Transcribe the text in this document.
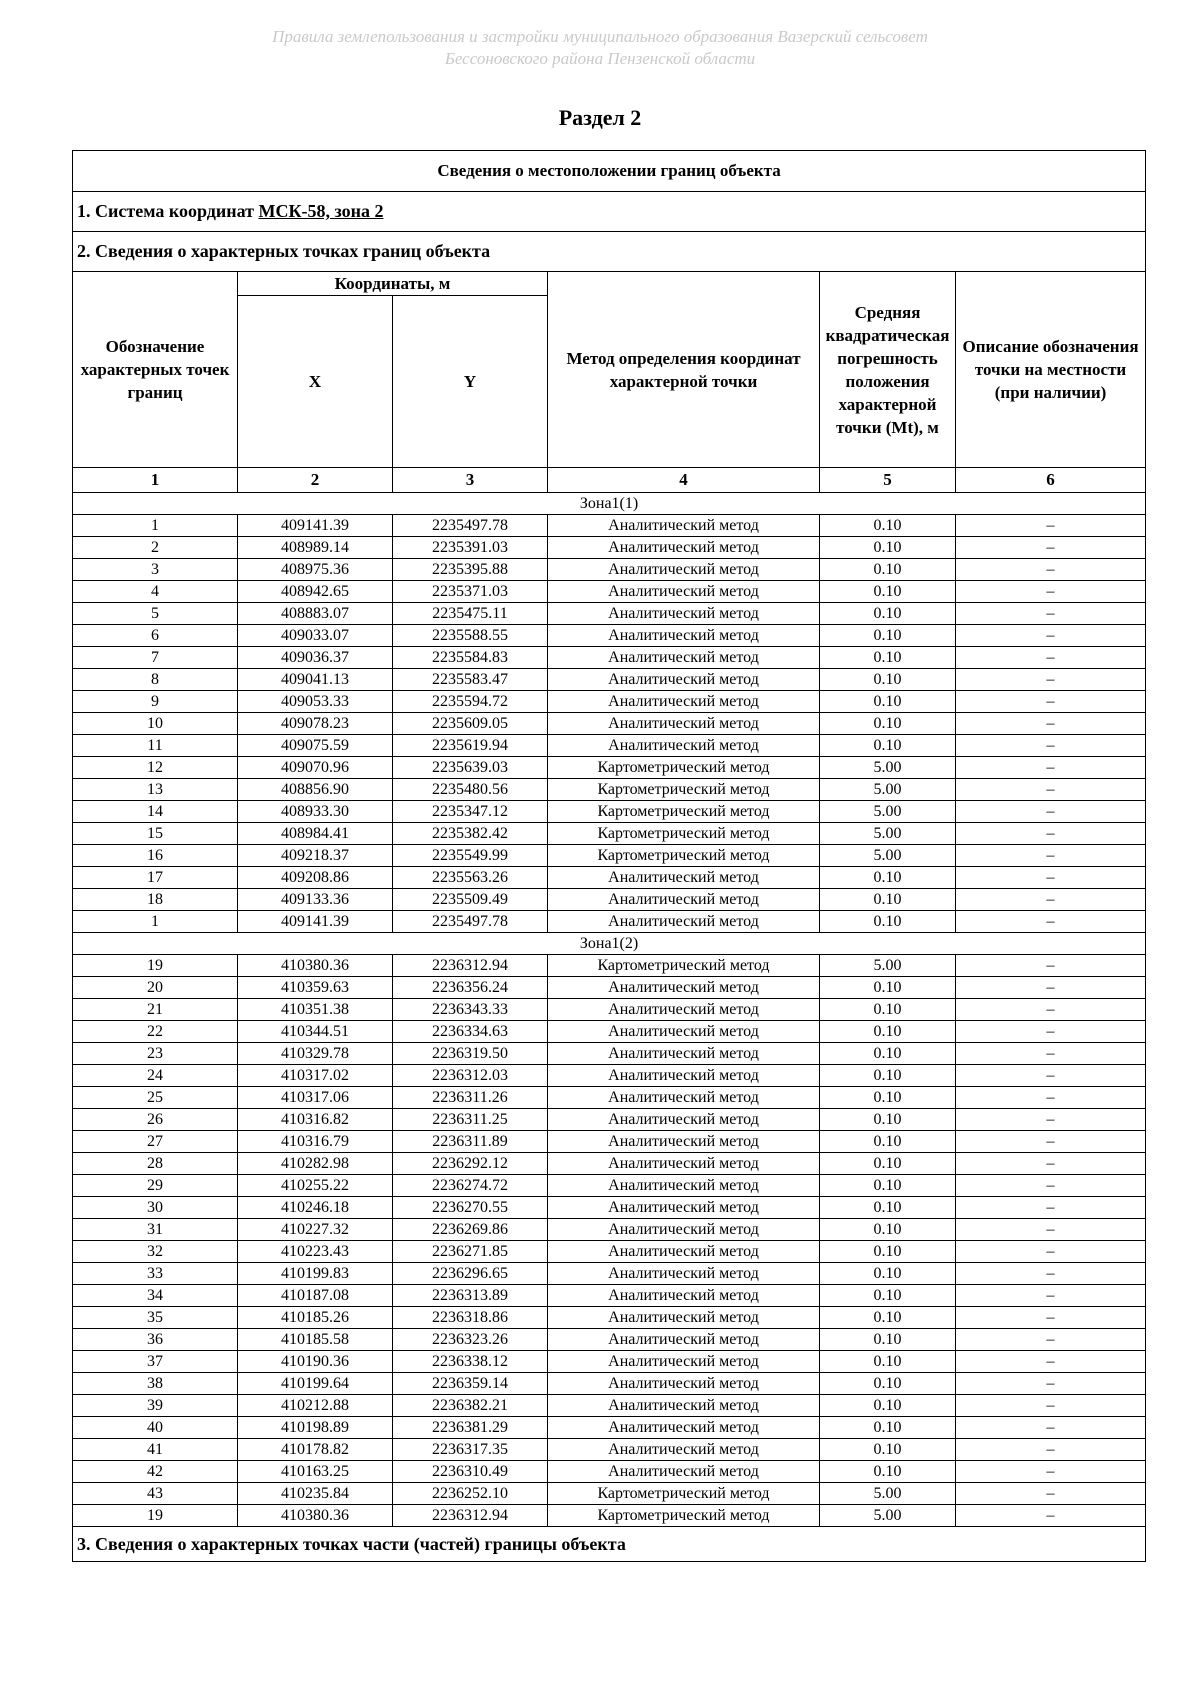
Правила землепользования и застройки муниципального образования Вазерский сельсовет
Бессоновского района Пензенской области
Раздел 2
Сведения о местоположении границ объекта					
1. Система координат МСК-58, зона 2					
2. Сведения о характерных точках границ объекта					
Обозначение характерных точек границ	Координаты, м		Метод определения координат характерной точки	Средняя квадратическая погрешность положения характерной точки (Mt), м	Описание обозначения точки на местности (при наличии)
	X	Y			
1	2	3	4	5	6
Зона1(1)					
1	409141.39	2235497.78	Аналитический метод	0.10	–
2	408989.14	2235391.03	Аналитический метод	0.10	–
3	408975.36	2235395.88	Аналитический метод	0.10	–
4	408942.65	2235371.03	Аналитический метод	0.10	–
5	408883.07	2235475.11	Аналитический метод	0.10	–
6	409033.07	2235588.55	Аналитический метод	0.10	–
7	409036.37	2235584.83	Аналитический метод	0.10	–
8	409041.13	2235583.47	Аналитический метод	0.10	–
9	409053.33	2235594.72	Аналитический метод	0.10	–
10	409078.23	2235609.05	Аналитический метод	0.10	–
11	409075.59	2235619.94	Аналитический метод	0.10	–
12	409070.96	2235639.03	Картометрический метод	5.00	–
13	408856.90	2235480.56	Картометрический метод	5.00	–
14	408933.30	2235347.12	Картометрический метод	5.00	–
15	408984.41	2235382.42	Картометрический метод	5.00	–
16	409218.37	2235549.99	Картометрический метод	5.00	–
17	409208.86	2235563.26	Аналитический метод	0.10	–
18	409133.36	2235509.49	Аналитический метод	0.10	–
1	409141.39	2235497.78	Аналитический метод	0.10	–
Зона1(2)					
19	410380.36	2236312.94	Картометрический метод	5.00	–
20	410359.63	2236356.24	Аналитический метод	0.10	–
21	410351.38	2236343.33	Аналитический метод	0.10	–
22	410344.51	2236334.63	Аналитический метод	0.10	–
23	410329.78	2236319.50	Аналитический метод	0.10	–
24	410317.02	2236312.03	Аналитический метод	0.10	–
25	410317.06	2236311.26	Аналитический метод	0.10	–
26	410316.82	2236311.25	Аналитический метод	0.10	–
27	410316.79	2236311.89	Аналитический метод	0.10	–
28	410282.98	2236292.12	Аналитический метод	0.10	–
29	410255.22	2236274.72	Аналитический метод	0.10	–
30	410246.18	2236270.55	Аналитический метод	0.10	–
31	410227.32	2236269.86	Аналитический метод	0.10	–
32	410223.43	2236271.85	Аналитический метод	0.10	–
33	410199.83	2236296.65	Аналитический метод	0.10	–
34	410187.08	2236313.89	Аналитический метод	0.10	–
35	410185.26	2236318.86	Аналитический метод	0.10	–
36	410185.58	2236323.26	Аналитический метод	0.10	–
37	410190.36	2236338.12	Аналитический метод	0.10	–
38	410199.64	2236359.14	Аналитический метод	0.10	–
39	410212.88	2236382.21	Аналитический метод	0.10	–
40	410198.89	2236381.29	Аналитический метод	0.10	–
41	410178.82	2236317.35	Аналитический метод	0.10	–
42	410163.25	2236310.49	Аналитический метод	0.10	–
43	410235.84	2236252.10	Картометрический метод	5.00	–
19	410380.36	2236312.94	Картометрический метод	5.00	–
3. Сведения о характерных точках части (частей) границы объекта					
